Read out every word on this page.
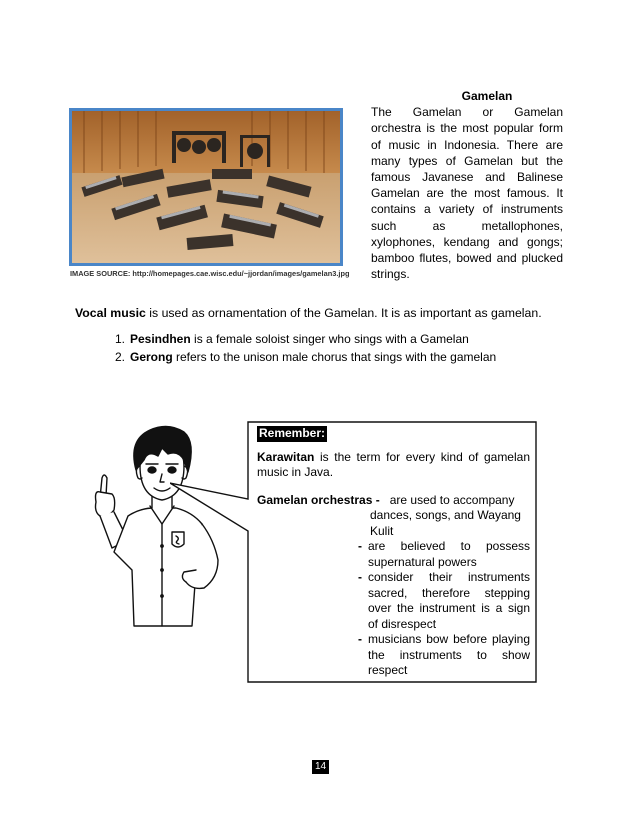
IMAGE SOURCE: http://homepages.cae.wisc.edu/~jjordan/images/gamelan3.jpg
Gamelan
The Gamelan or Gamelan orchestra is the most popular form of music in Indonesia. There are many types of Gamelan but the famous Javanese and Balinese Gamelan are the most famous. It contains a variety of instruments such as metallophones, xylophones, kendang and gongs; bamboo flutes, bowed and plucked strings.
Vocal music is used as ornamentation of the Gamelan. It is as important as gamelan.
1. Pesindhen is a female soloist singer who sings with a Gamelan
2. Gerong refers to the unison male chorus that sings with the gamelan
Remember:

Karawitan is the term for every kind of gamelan music in Java.

Gamelan orchestras - are used to accompany

dances, songs, and Wayang Kulit

- are believed to possess supernatural powers
- consider their instruments sacred, therefore stepping over the instrument is a sign of disrespect
- musicians bow before playing the instruments to show respect
14
